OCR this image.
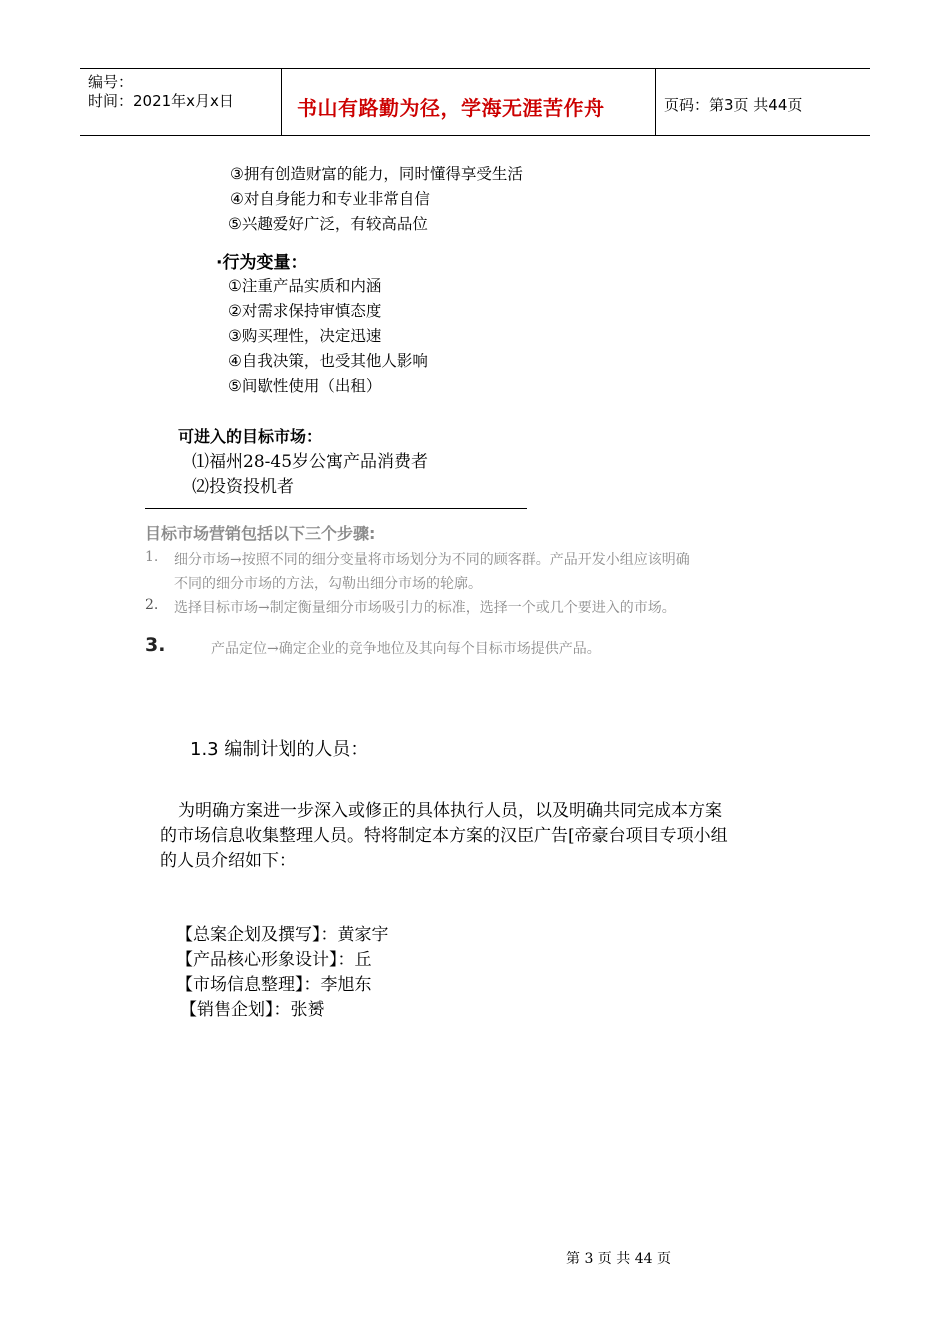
编号：
时间：2021年x月x日	书山有路勤为径，学海无涯苦作舟	页码：第3页 共44页
③拥有创造财富的能力，同时懂得享受生活
④对自身能力和专业非常自信
⑤兴趣爱好广泛，有较高品位
·行为变量：
①注重产品实质和内涵
②对需求保持审慎态度
③购买理性，决定迅速
④自我决策，也受其他人影响
⑤间歇性使用（出租）
可进入的目标市场：
⑴福州28-45岁公寓产品消费者
⑵投资投机者
目标市场营销包括以下三个步骤:
1. 细分市场→按照不同的细分变量将市场划分为不同的顾客群。产品开发小组应该明确
不同的细分市场的方法，勾勒出细分市场的轮廓。
2. 选择目标市场→制定衡量细分市场吸引力的标准，选择一个或几个要进入的市场。
3.	产品定位→确定企业的竞争地位及其向每个目标市场提供产品。
1.3 编制计划的人员：
为明确方案进一步深入或修正的具体执行人员，以及明确共同完成本方案
的市场信息收集整理人员。特将制定本方案的汉臣广告[帝豪台项目专项小组
的人员介绍如下：
【总案企划及撰写】：黄家宇
【产品核心形象设计】：丘
【市场信息整理】：李旭东
【销售企划】：张赟
第 3 页 共 44 页
